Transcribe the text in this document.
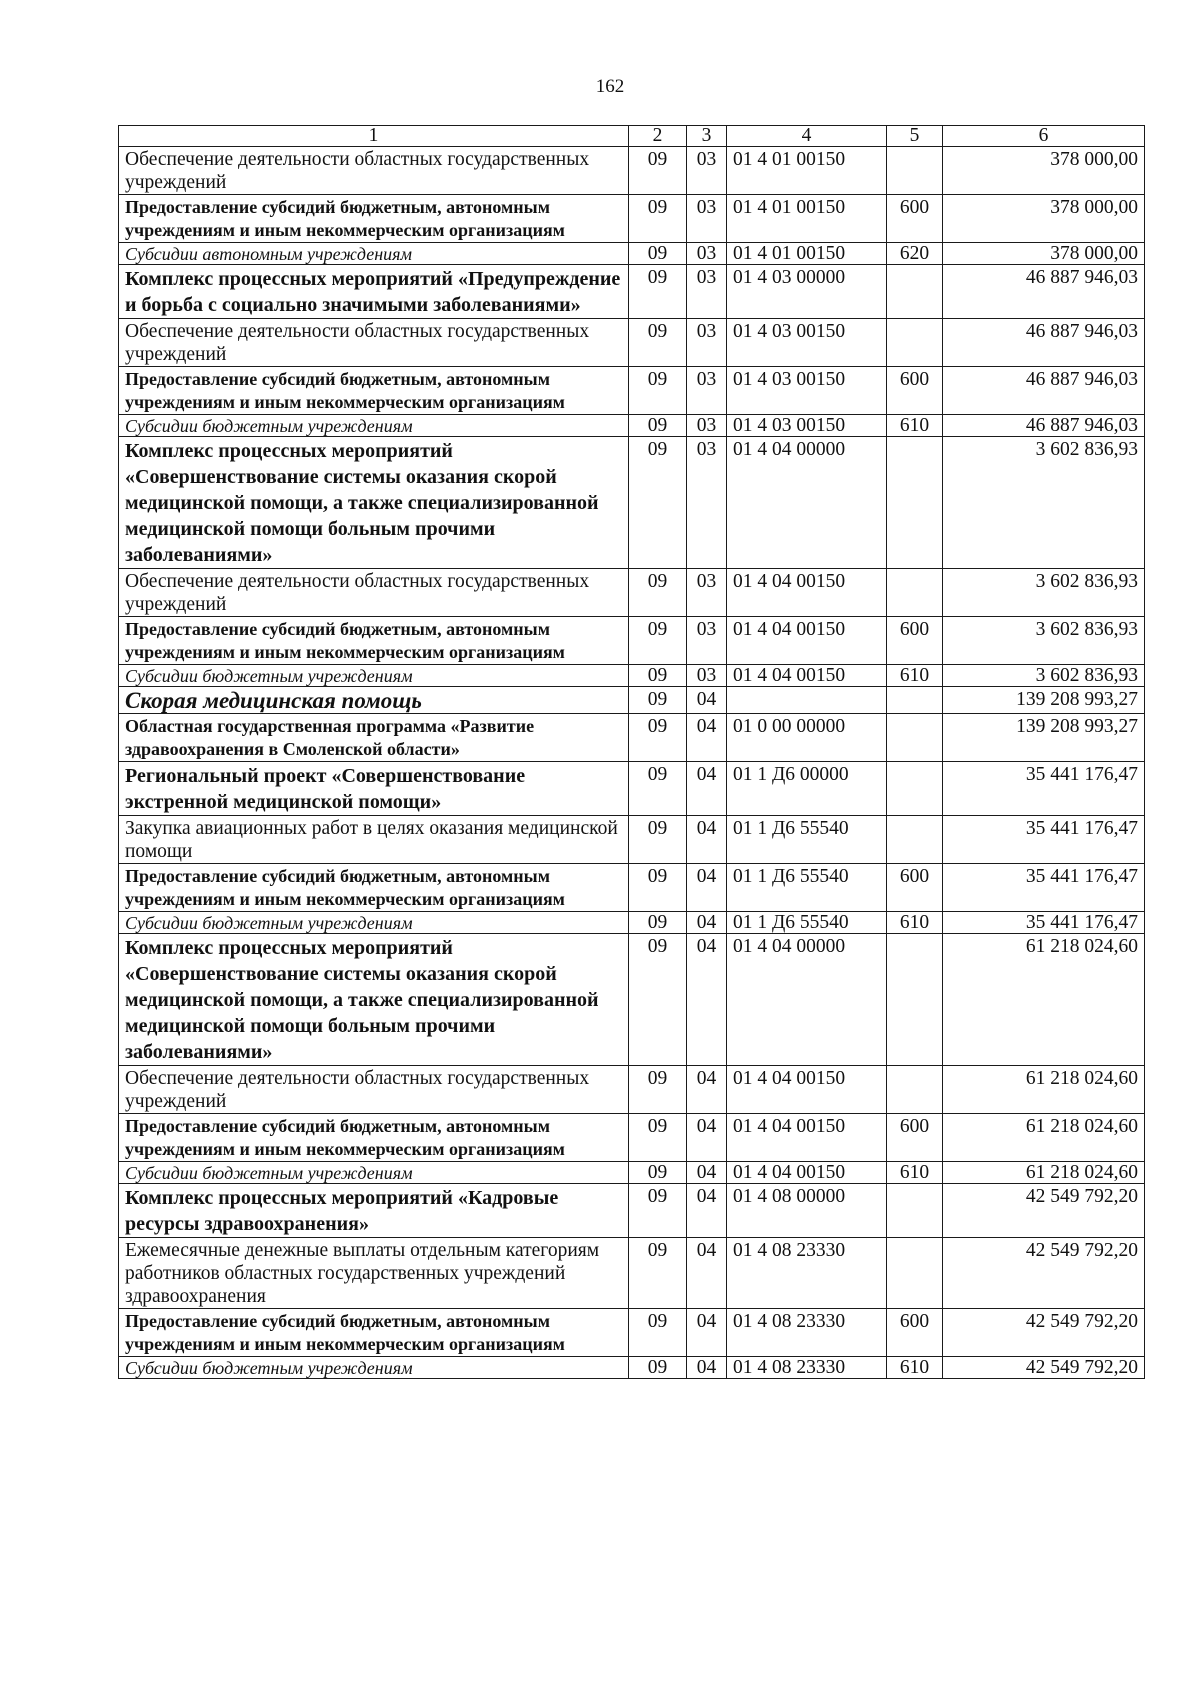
162
1	2	3	4	5	6
Обеспечение деятельности областных государственных учреждений	09	03	01 4 01 00150		378 000,00
Предоставление субсидий бюджетным, автономным учреждениям и иным некоммерческим организациям	09	03	01 4 01 00150	600	378 000,00
Субсидии автономным учреждениям	09	03	01 4 01 00150	620	378 000,00
Комплекс процессных мероприятий «Предупреждение и борьба с социально значимыми заболеваниями»	09	03	01 4 03 00000		46 887 946,03
Обеспечение деятельности областных государственных учреждений	09	03	01 4 03 00150		46 887 946,03
Предоставление субсидий бюджетным, автономным учреждениям и иным некоммерческим организациям	09	03	01 4 03 00150	600	46 887 946,03
Субсидии бюджетным учреждениям	09	03	01 4 03 00150	610	46 887 946,03
Комплекс процессных мероприятий «Совершенствование системы оказания скорой медицинской помощи, а также специализированной медицинской помощи больным прочими заболеваниями»	09	03	01 4 04 00000		3 602 836,93
Обеспечение деятельности областных государственных учреждений	09	03	01 4 04 00150		3 602 836,93
Предоставление субсидий бюджетным, автономным учреждениям и иным некоммерческим организациям	09	03	01 4 04 00150	600	3 602 836,93
Субсидии бюджетным учреждениям	09	03	01 4 04 00150	610	3 602 836,93
Скорая медицинская помощь	09	04			139 208 993,27
Областная государственная программа «Развитие здравоохранения в Смоленской области»	09	04	01 0 00 00000		139 208 993,27
Региональный проект «Совершенствование экстренной медицинской помощи»	09	04	01 1 Д6 00000		35 441 176,47
Закупка авиационных работ в целях оказания медицинской помощи	09	04	01 1 Д6 55540		35 441 176,47
Предоставление субсидий бюджетным, автономным учреждениям и иным некоммерческим организациям	09	04	01 1 Д6 55540	600	35 441 176,47
Субсидии бюджетным учреждениям	09	04	01 1 Д6 55540	610	35 441 176,47
Комплекс процессных мероприятий «Совершенствование системы оказания скорой медицинской помощи, а также специализированной медицинской помощи больным прочими заболеваниями»	09	04	01 4 04 00000		61 218 024,60
Обеспечение деятельности областных государственных учреждений	09	04	01 4 04 00150		61 218 024,60
Предоставление субсидий бюджетным, автономным учреждениям и иным некоммерческим организациям	09	04	01 4 04 00150	600	61 218 024,60
Субсидии бюджетным учреждениям	09	04	01 4 04 00150	610	61 218 024,60
Комплекс процессных мероприятий «Кадровые ресурсы здравоохранения»	09	04	01 4 08 00000		42 549 792,20
Ежемесячные денежные выплаты отдельным категориям работников областных государственных учреждений здравоохранения	09	04	01 4 08 23330		42 549 792,20
Предоставление субсидий бюджетным, автономным учреждениям и иным некоммерческим организациям	09	04	01 4 08 23330	600	42 549 792,20
Субсидии бюджетным учреждениям	09	04	01 4 08 23330	610	42 549 792,20
